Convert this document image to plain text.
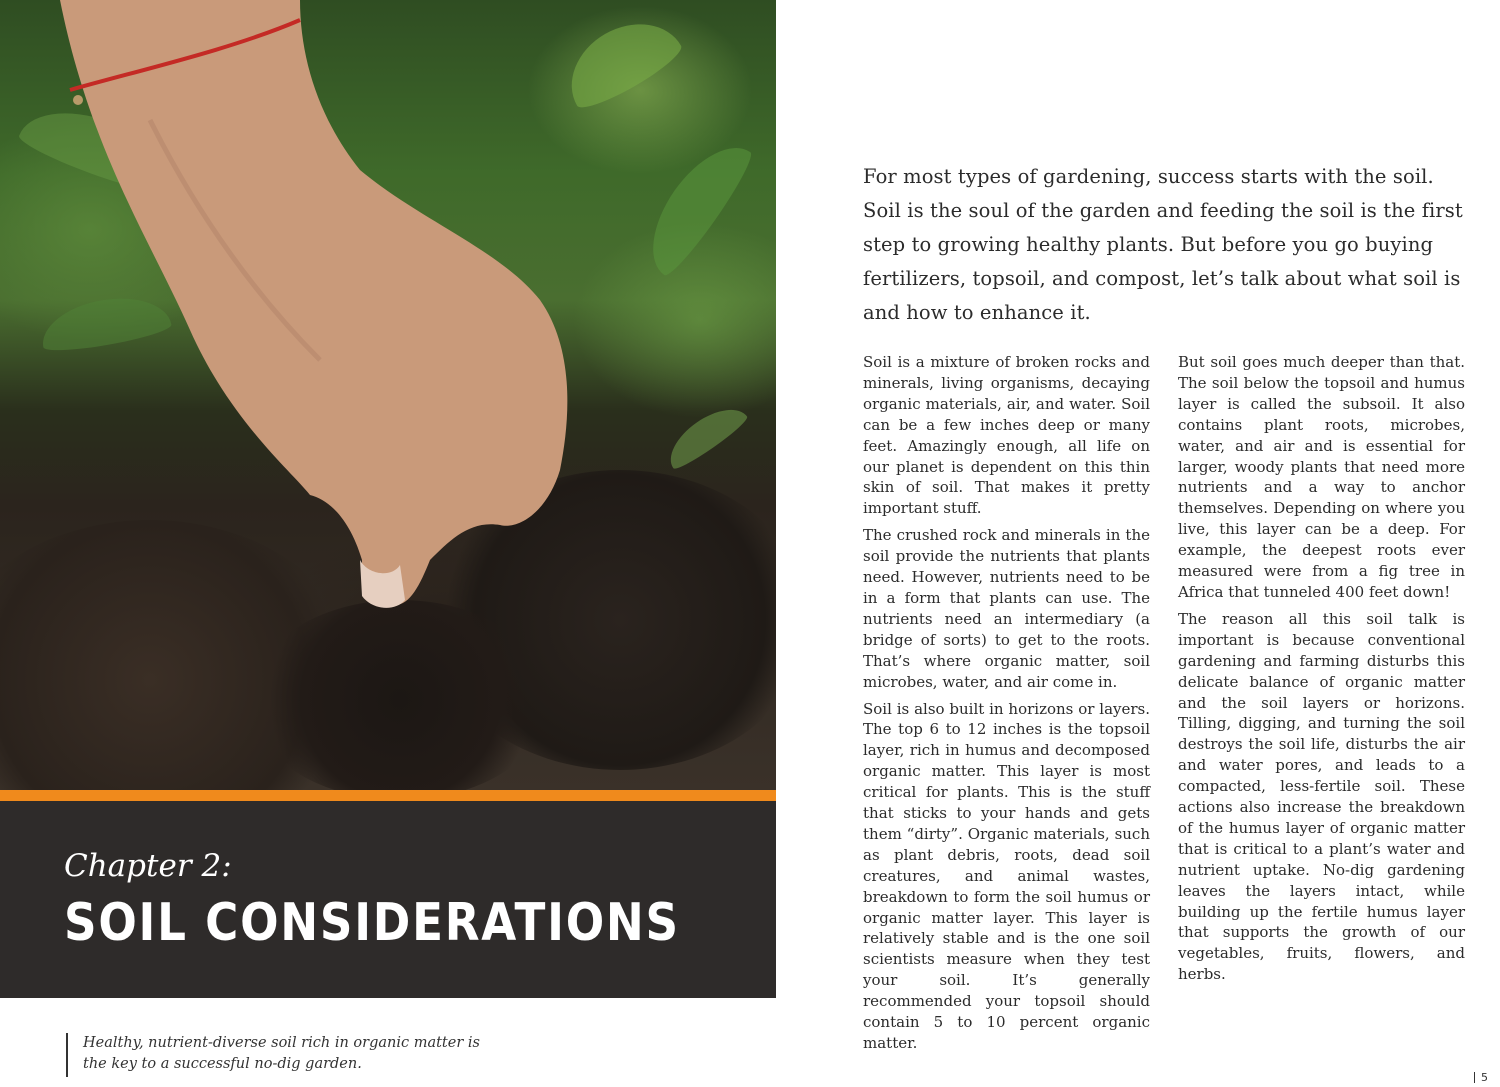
Chapter 2:
SOIL CONSIDERATIONS
Healthy, nutrient-diverse soil rich in organic matter is the key to a successful no-dig garden.
For most types of gardening, success starts with the soil. Soil is the soul of the garden and feeding the soil is the first step to growing healthy plants. But before you go buying fertilizers, topsoil, and compost, let’s talk about what soil is and how to enhance it.

Soil is a mixture of broken rocks and minerals, living organisms, decaying organic materials, air, and water. Soil can be a few inches deep or many feet. Amazingly enough, all life on our planet is dependent on this thin skin of soil. That makes it pretty important stuff.

The crushed rock and minerals in the soil provide the nutrients that plants need. However, nutrients need to be in a form that plants can use. The nutrients need an intermediary (a bridge of sorts) to get to the roots. That’s where organic matter, soil microbes, water, and air come in.

Soil is also built in horizons or layers. The top 6 to 12 inches is the topsoil layer, rich in humus and decomposed organic matter. This layer is most critical for plants. This is the stuff that sticks to your hands and gets them “dirty”. Organic materials, such as plant debris, roots, dead soil creatures, and animal wastes, breakdown to form the soil humus or organic matter layer. This layer is relatively stable and is the one soil scientists measure when they test your soil. It’s generally recommended your topsoil should contain 5 to 10 percent organic matter.

But soil goes much deeper than that. The soil below the topsoil and humus layer is called the subsoil. It also contains plant roots, microbes, water, and air and is essential for larger, woody plants that need more nutrients and a way to anchor themselves. Depending on where you live, this layer can be a deep. For example, the deepest roots ever measured were from a fig tree in Africa that tunneled 400 feet down!

The reason all this soil talk is important is because conventional gardening and farming disturbs this delicate balance of organic matter and the soil layers or horizons. Tilling, digging, and turning the soil destroys the soil life, disturbs the air and water pores, and leads to a compacted, less-fertile soil. These actions also increase the breakdown of the humus layer of organic matter that is critical to a plant’s water and nutrient uptake. No-dig gardening leaves the layers intact, while building up the fertile humus layer that supports the growth of our vegetables, fruits, flowers, and herbs.

5
